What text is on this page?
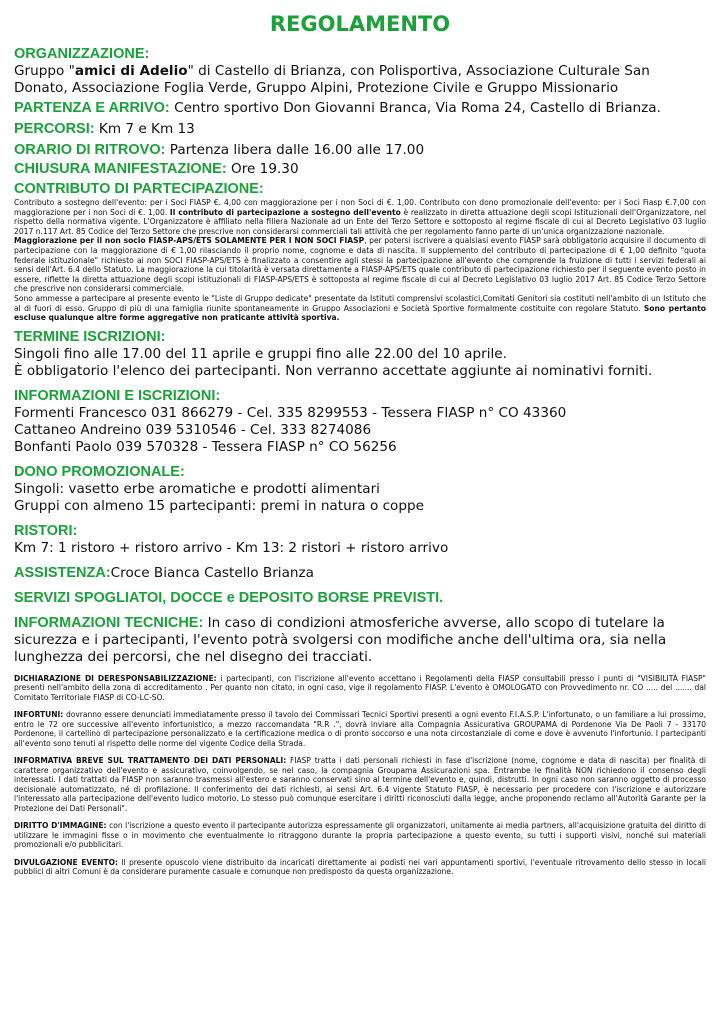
REGOLAMENTO
ORGANIZZAZIONE:
Gruppo "amici di Adelio" di Castello di Brianza, con Polisportiva, Associazione Culturale San Donato, Associazione Foglia Verde, Gruppo Alpini, Protezione Civile e Gruppo Missionario
PARTENZA E ARRIVO: Centro sportivo Don Giovanni Branca, Via Roma 24, Castello di Brianza.
PERCORSI: Km 7 e Km 13
ORARIO DI RITROVO: Partenza libera dalle 16.00 alle 17.00
CHIUSURA MANIFESTAZIONE: Ore 19.30
CONTRIBUTO DI PARTECIPAZIONE:
Contributo a sostegno dell'evento: per i Soci FIASP €. 4,00 con maggiorazione per i non Soci di €. 1,00. Contributo con dono promozionale dell'evento: per i Soci Fiasp €.7,00 con maggiorazione per i non Soci di €. 1,00. Il contributo di partecipazione a sostegno dell'evento è realizzato in diretta attuazione degli scopi Istituzionali dell'Organizzatore, nel rispetto della normativa vigente. L'Organizzatore è affiliato nella filiera Nazionale ad un Ente del Terzo Settore e sottoposto al regime fiscale di cui al Decreto Legislativo 03 luglio 2017 n.117 Art. 85 Codice del Terzo Settore che prescrive non considerarsi commerciali tali attività che per regolamento fanno parte di un'unica organizzazione nazionale.
Maggiorazione per il non socio FIASP-APS/ETS SOLAMENTE PER I NON SOCI FIASP, per potersi iscrivere a qualsiasi evento FIASP sarà obbligatorio acquisire il documento di partecipazione con la maggiorazione di € 1,00 rilasciando il proprio nome, cognome e data di nascita. Il supplemento del contributo di partecipazione di € 1,00 definito "quota federale istituzionale" richiesto ai non SOCI FIASP-APS/ETS è finalizzato a consentire agli stessi la partecipazione all'evento che comprende la fruizione di tutti i servizi federali ai sensi dell'Art. 6.4 dello Statuto. La maggiorazione la cui titolarità è versata direttamente a FIASP-APS/ETS quale contributo di partecipazione richiesto per il seguente evento posto in essere, riflette la diretta attuazione degli scopi istituzionali di FIASP-APS/ETS è sottoposta al regime fiscale di cui al Decreto Legislativo 03 luglio 2017 Art. 85 Codice Terzo Settore che prescrive non considerarsi commerciale.
Sono ammesse a partecipare al presente evento le "Liste di Gruppo dedicate" presentate da Istituti comprensivi scolastici,Comitati Genitori sia costituti nell'ambito di un Istituto che al di fuori di esso. Gruppo di più di una famiglia riunite spontaneamente in Gruppo Associazioni e Società Sportive formalmente costituite con regolare Statuto. Sono pertanto escluse qualunque altre forme aggregative non praticante attività sportiva.
TERMINE ISCRIZIONI:
Singoli fino alle 17.00 del 11 aprile e gruppi fino alle 22.00 del 10 aprile.
È obbligatorio l'elenco dei partecipanti. Non verranno accettate aggiunte ai nominativi forniti.
INFORMAZIONI E ISCRIZIONI:
Formenti Francesco 031 866279 - Cel. 335 8299553 - Tessera FIASP n° CO 43360
Cattaneo Andreino 039 5310546 - Cel. 333 8274086
Bonfanti Paolo 039 570328 - Tessera FIASP n° CO 56256
DONO PROMOZIONALE:
Singoli: vasetto erbe aromatiche e prodotti alimentari
Gruppi con almeno 15 partecipanti: premi in natura o coppe
RISTORI:
Km 7: 1 ristoro + ristoro arrivo - Km 13: 2 ristori + ristoro arrivo
ASSISTENZA:Croce Bianca Castello Brianza
SERVIZI SPOGLIATOI, DOCCE e DEPOSITO BORSE PREVISTI.
INFORMAZIONI TECNICHE: In caso di condizioni atmosferiche avverse, allo scopo di tutelare la sicurezza e i partecipanti, l'evento potrà svolgersi con modifiche anche dell'ultima ora, sia nella lunghezza dei percorsi, che nel disegno dei tracciati.
DICHIARAZIONE DI DERESPONSABILIZZAZIONE: i partecipanti, con l'iscrizione all'evento accettano i Regolamenti della FIASP consultabili presso i punti di "VISIBILITÀ FIASP" presenti nell'ambito della zona di accreditamento . Per quanto non citato, in ogni caso, vige il regolamento FIASP. L'evento è OMOLOGATO con Provvedimento nr. CO ..... del ....... dal Comitato Territoriale FIASP di CO-LC-SO.
INFORTUNI: dovranno essere denunciati immediatamente presso il tavolo dei Commissari Tecnici Sportivi presenti a ogni evento F.I.A.S.P. L'infortunato, o un familiare a lui prossimo, entro le 72 ore successive all'evento infortunistico, a mezzo raccomandata "R.R .", dovrà inviare alla Compagnia Assicurativa GROUPAMA di Pordenone Via De Paoli 7 - 33170 Pordenone, il cartellino di partecipazione personalizzato e la certificazione medica o di pronto soccorso e una nota circostanziale di come e dove è avvenuto l'infortunio. I partecipanti all'evento sono tenuti al rispetto delle norme del vigente Codice della Strada.
INFORMATIVA BREVE SUL TRATTAMENTO DEI DATI PERSONALI: FIASP tratta i dati personali richiesti in fase d'iscrizione (nome, cognome e data di nascita) per finalità di carattere organizzativo dell'evento e assicurativo, coinvolgendo, se nel caso, la compagnia Groupama Assicurazioni spa. Entrambe le finalità NON richiedono il consenso degli interessati. I dati trattati da FIASP non saranno trasmessi all'estero e saranno conservati sino al termine dell'evento e, quindi, distrutti. In ogni caso non saranno oggetto di processo decisionale automatizzato, né di profilazione. Il conferimento dei dati richiesti, ai sensi Art. 6.4 vigente Statuto FIASP, è necessario per procedere con l'iscrizione e autorizzare l'interessato alla partecipazione dell'evento ludico motorio. Lo stesso può comunque esercitare i diritti riconosciuti dalla legge, anche proponendo reclamo all'Autorità Garante per la Protezione dei Dati Personali".
DIRITTO D'IMMAGINE: con l'iscrizione a questo evento il partecipante autorizza espressamente gli organizzatori, unitamente ai media partners, all'acquisizione gratuita del diritto di utilizzare le immagini fisse o in movimento che eventualmente lo ritraggono durante la propria partecipazione a questo evento, su tutti i supporti visivi, nonché sui materiali promozionali e/o pubblicitari.
DIVULGAZIONE EVENTO: Il presente opuscolo viene distribuito da incaricati direttamente ai podisti nei vari appuntamenti sportivi, l'eventuale ritrovamento dello stesso in locali pubblici di altri Comuni è da considerare puramente casuale e comunque non predisposto da questa organizzazione.
